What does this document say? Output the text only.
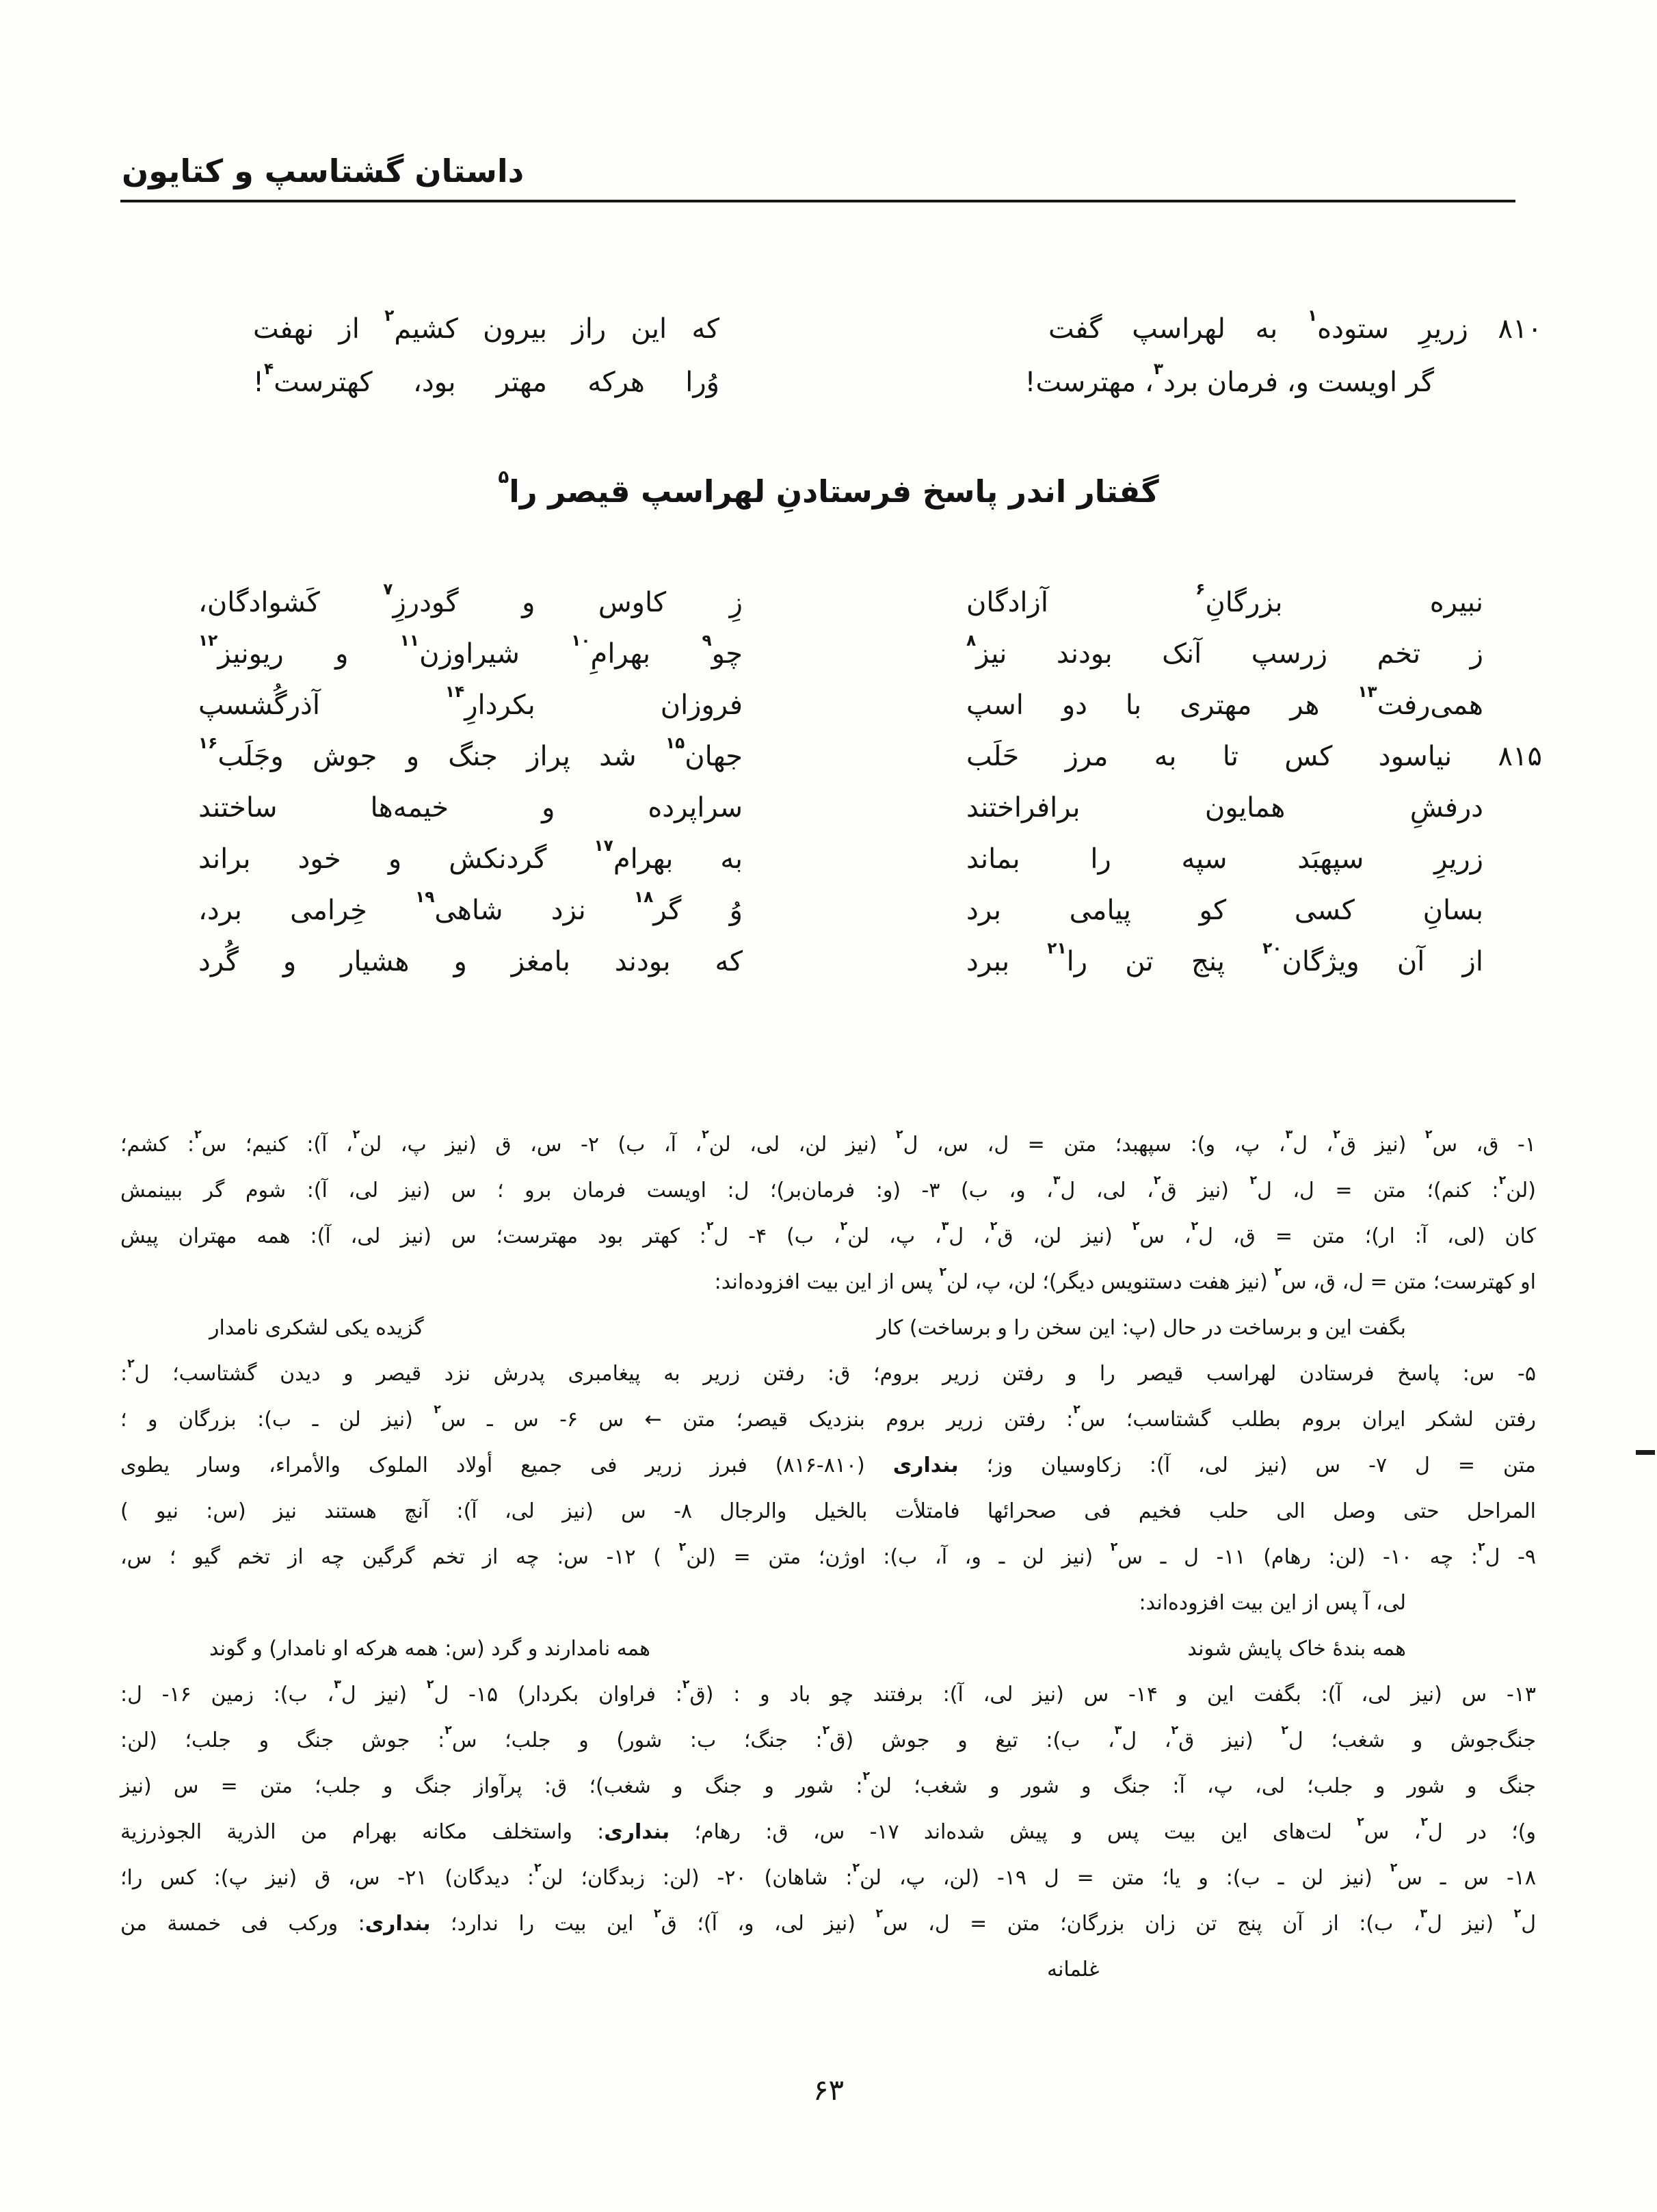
داستان گشتاسپ و کتایون
۸۱۰ زریرِ ستوده$^۱$ به لهراسپ گفت
که این راز بیرون کشیم$^۲$ از نهفت
گر اویست و، فرمان برد$^۳$، مهترست!
وُرا هرکه مهتر بود، کهترست$^۴$!
گفتار اندر پاسخ فرستادنِ لهراسپ قیصر را$^۵$
نبیره بزرگانِ$^۶$ آزادگان
زِ کاوس و گودرزِ$^۷$ کَشوادگان،
ز تخم زرسپ آنک بودند نیز$^۸$
چو$^۹$ بهرامِ$^{۱۰}$ شیراوزن$^{۱۱}$ و ریونیز$^{۱۲}$
همی‌رفت$^{۱۳}$ هر مهتری با دو اسپ
فروزان بکردارِ$^{۱۴}$ آذرگُشسپ
۸۱۵ نیاسود کس تا به مرز حَلَب
جهان$^{۱۵}$ شد پراز جنگ و جوش وجَلَب$^{۱۶}$
درفشِ همایون برافراختند
سراپرده و خیمه‌ها ساختند
زریرِ سپهبَد سپه را بماند
به بهرام$^{۱۷}$ گردنکش و خود براند
بسانِ کسی کو پیامی برد
وُ گر$^{۱۸}$ نزد شاهی$^{۱۹}$ خِرامی برد،
از آن ویژگان$^{۲۰}$ پنج تن را$^{۲۱}$ ببرد
که بودند بامغز و هشیار و گُرد
۱- ق، س$^۲$ (نیز ق$^۲$، ل$^۳$، پ، و): سپهبد؛ متن = ل، س، ل$^۲$ (نیز لن، لی، لن$^۲$، آ، ب) ۲- س، ق (نیز پ، لن$^۲$، آ): کنیم؛ س$^۲$: کشم؛
(لن$^۲$: کنم)؛ متن = ل، ل$^۲$ (نیز ق$^۲$، لی، ل$^۳$، و، ب) ۳- (و: فرمان‌بر)؛ ل: اویست فرمان برو ؛ س (نیز لی، آ): شوم گر ببینمش
کان (لی، آ: ار)؛ متن = ق، ل$^۲$، س$^۲$ (نیز لن، ق$^۲$، ل$^۳$، پ، لن$^۲$، ب) ۴- ل$^۲$: کهتر بود مهترست؛ س (نیز لی، آ): همه مهتران پیش
او کهترست؛ متن = ل، ق، س$^۲$ (نیز هفت دستنویس دیگر)؛ لن، پ، لن$^۲$ پس از این بیت افزوده‌اند:
بگفت این و برساخت در حال (پ: این سخن را و برساخت) کار
گزیده یکی لشکری نامدار
۵- س: پاسخ فرستادن لهراسب قیصر را و رفتن زریر بروم؛ ق: رفتن زریر به پیغامبری پدرش نزد قیصر و دیدن گشتاسب؛ ل$^۲$:
رفتن لشکر ایران بروم بطلب گشتاسب؛ س$^۲$: رفتن زریر بروم بنزدیک قیصر؛ متن ← س ۶- س ـ س$^۲$ (نیز لن ـ ب): بزرگان و ؛
متن = ل ۷- س (نیز لی، آ): زکاوسیان وز؛ بنداری (۸۱۰-۸۱۶) فبرز زریر فی جمیع أولاد الملوک والأمراء، وسار یطوی
المراحل حتی وصل الی حلب فخیم فی صحرائها فامتلأت بالخیل والرجال ۸- س (نیز لی، آ): آنچ هستند نیز (س: نیو )
۹- ل$^۲$: چه ۱۰- (لن: رهام) ۱۱- ل ـ س$^۲$ (نیز لن ـ و، آ، ب): اوژن؛ متن = (لن$^۲$ ) ۱۲- س: چه از تخم گرگین چه از تخم گیو ؛ س،
لی، آ پس از این بیت افزوده‌اند:
همه بندهٔ خاک پایش شوند
همه نامدارند و گرد (س: همه هرکه او نامدار) و گوند
۱۳- س (نیز لی، آ): بگفت این و ۱۴- س (نیز لی، آ): برفتند چو باد و : (ق$^۲$: فراوان بکردار) ۱۵- ل$^۲$ (نیز ل$^۳$، ب): زمین ۱۶- ل:
جنگ‌جوش و شغب؛ ل$^۲$ (نیز ق$^۲$، ل$^۳$، ب): تیغ و جوش (ق$^۲$: جنگ؛ ب: شور) و جلب؛ س$^۲$: جوش جنگ و جلب؛ (لن:
جنگ و شور و جلب؛ لی، پ، آ: جنگ و شور و شغب؛ لن$^۲$: شور و جنگ و شغب)؛ ق: پرآواز جنگ و جلب؛ متن = س (نیز
و)؛ در ل$^۲$، س$^۲$ لت‌های این بیت پس و پیش شده‌اند ۱۷- س، ق: رهام؛ بنداری: واستخلف مکانه بهرام من الذریة الجوذرزیة
۱۸- س ـ س$^۲$ (نیز لن ـ ب): و یا؛ متن = ل ۱۹- (لن، پ، لن$^۲$: شاهان) ۲۰- (لن: زبدگان؛ لن$^۲$: دیدگان) ۲۱- س، ق (نیز پ): کس را؛
ل$^۲$ (نیز ل$^۳$، ب): از آن پنج تن زان بزرگان؛ متن = ل، س$^۲$ (نیز لی، و، آ)؛ ق$^۲$ این بیت را ندارد؛ بنداری: ورکب فی خمسة من
غلمانه
۶۳
